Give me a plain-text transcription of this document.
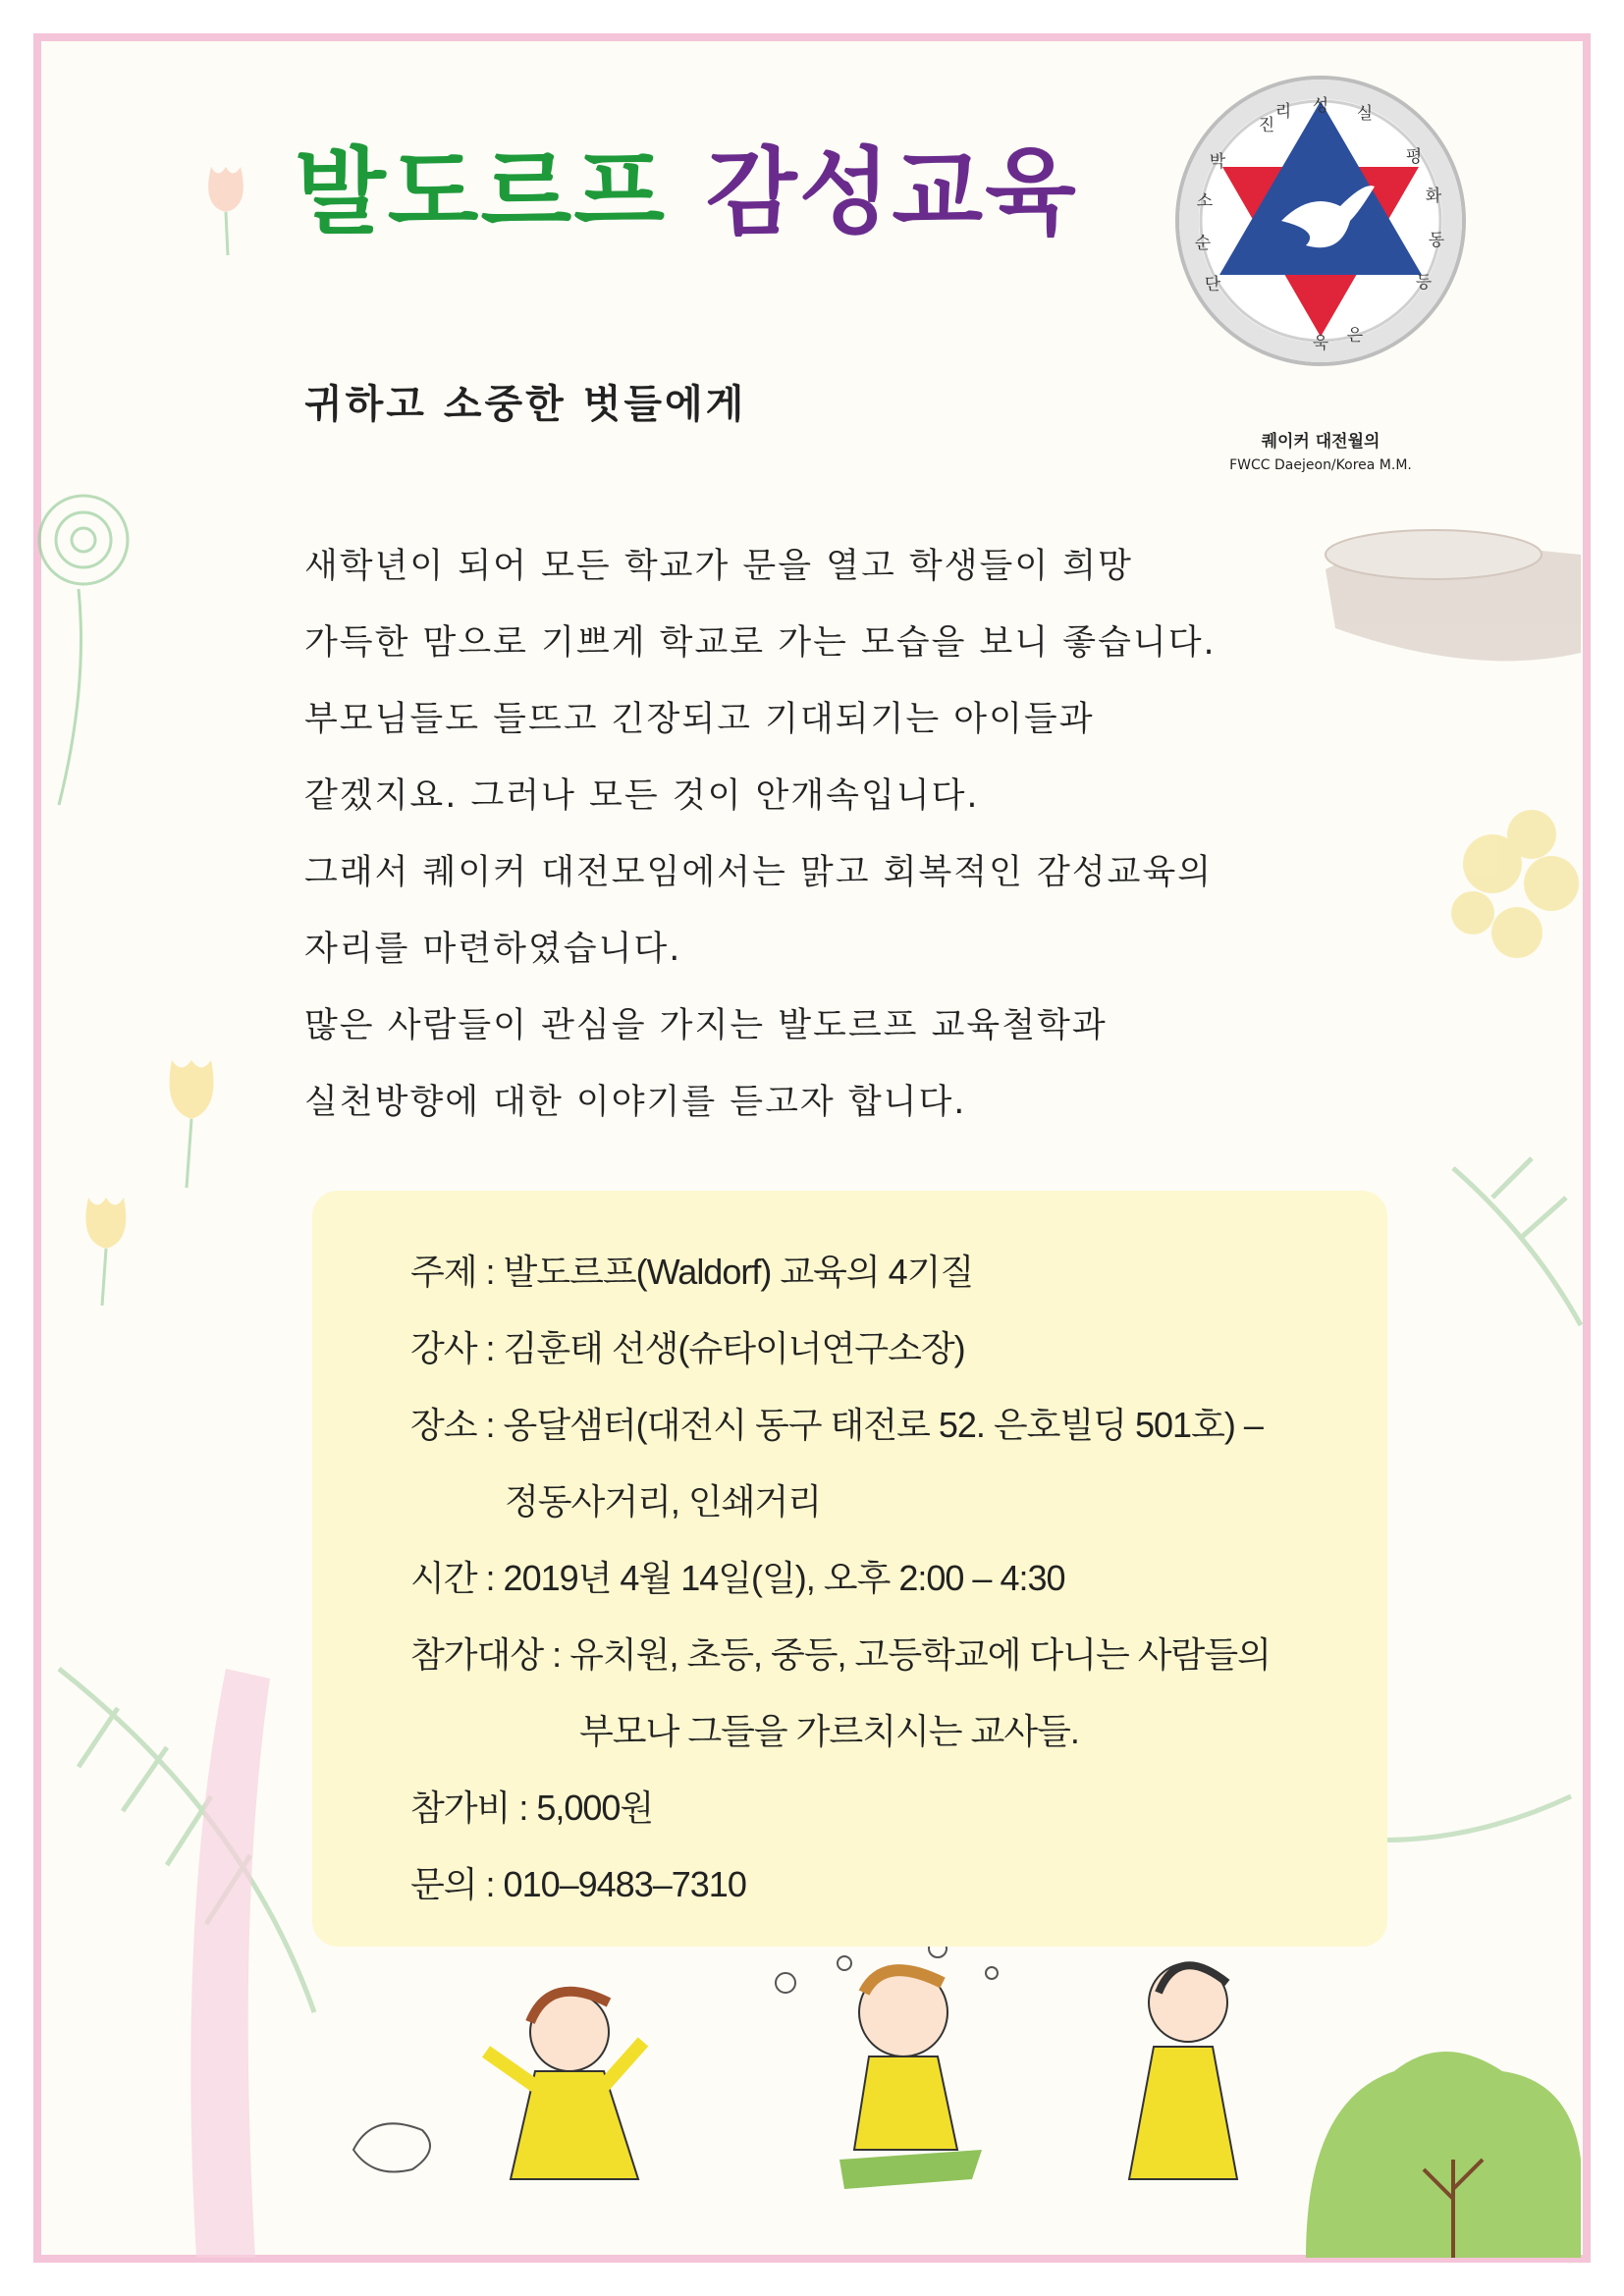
발도르프 감성교육
성 실
평
화
동
등
단
순
소
박
진
리
은
욱
퀘이커 대전월의
FWCC Daejeon/Korea M.M.
귀하고 소중한 벗들에게
새학년이 되어 모든 학교가 문을 열고 학생들이 희망
가득한 맘으로 기쁘게 학교로 가는 모습을 보니 좋습니다.
부모님들도 들뜨고 긴장되고 기대되기는 아이들과
같겠지요. 그러나 모든 것이 안개속입니다.
그래서 퀘이커 대전모임에서는 맑고 회복적인 감성교육의
자리를 마련하였습니다.
많은 사람들이 관심을 가지는 발도르프 교육철학과
실천방향에 대한 이야기를 듣고자 합니다.
주제 : 발도르프(Waldorf) 교육의 4기질
강사 : 김훈태 선생(슈타이너연구소장)
장소 : 옹달샘터(대전시 동구 태전로 52. 은호빌딩 501호) –
정동사거리, 인쇄거리
시간 : 2019년 4월 14일(일), 오후 2:00 – 4:30
참가대상 : 유치원, 초등, 중등, 고등학교에 다니는 사람들의
부모나 그들을 가르치시는 교사들.
참가비 : 5,000원
문의 : 010–9483–7310
